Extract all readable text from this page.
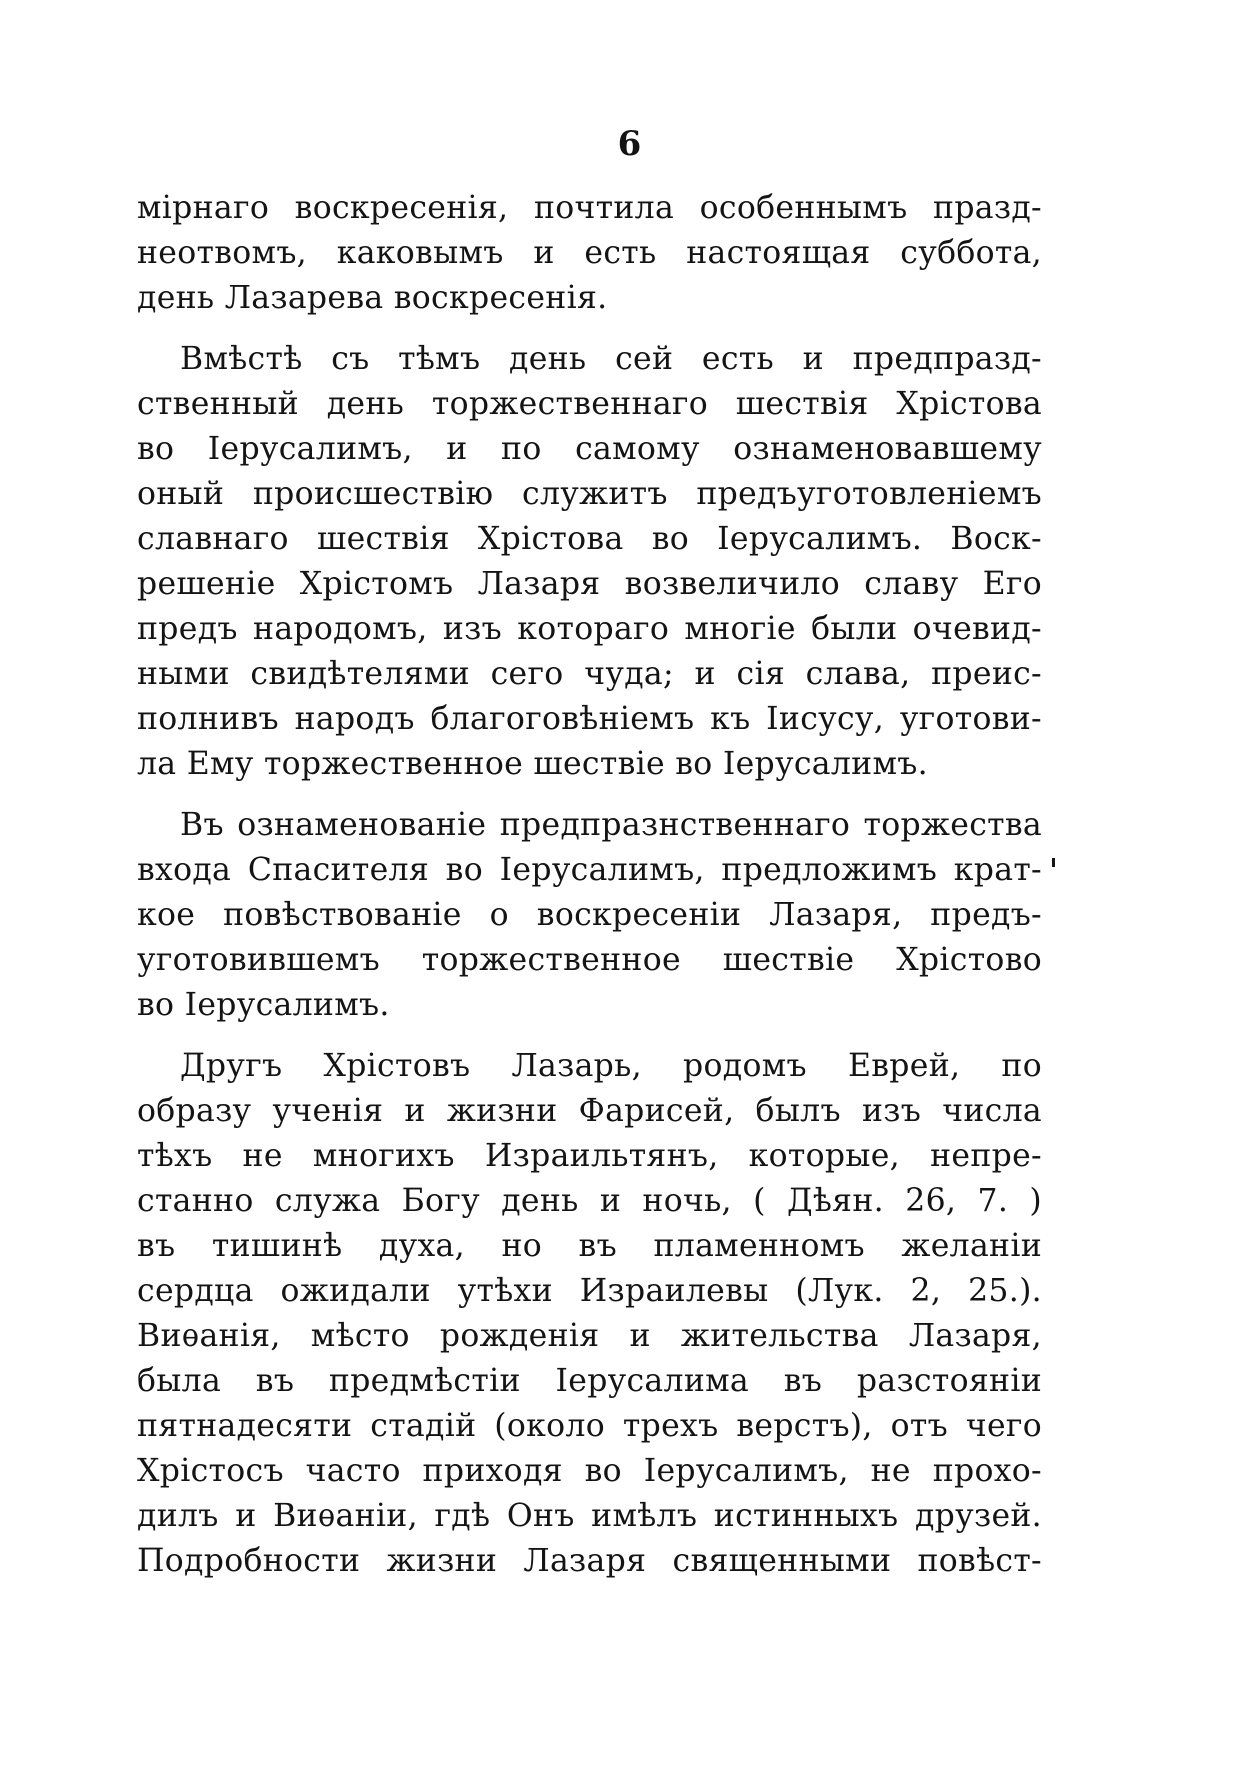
6

мірнаго воскресенія, почтила особеннымъ празд-
неотвомъ, каковымъ и есть настоящая суббота,
день Лазарева воскресенія.

Вмѣстѣ съ тѣмъ день сей есть и предпразд-
ственный день торжественнаго шествія Хрістова
во Іерусалимъ, и по самому ознаменовавшему
оный происшествію служитъ предъуготовленіемъ
славнаго шествія Хрістова во Іерусалимъ. Воск-
решеніе Хрістомъ Лазаря возвеличило славу Его
предъ народомъ, изъ котораго многіе были очевид-
ными свидѣтелями сего чуда; и сія слава, преис-
полнивъ народъ благоговѣніемъ къ Іисусу, уготови-
ла Ему торжественное шествіе во Іерусалимъ.

Въ ознаменованіе предпразнственнаго торжества
входа Спасителя во Іерусалимъ, предложимъ крат-
кое повѣствованіе о воскресеніи Лазаря, предъ-
уготовившемъ торжественное шествіе Хрістово
во Іерусалимъ.

Другъ Хрістовъ Лазарь, родомъ Еврей, по
образу ученія и жизни Фарисей, былъ изъ числа
тѣхъ не многихъ Израильтянъ, которые, непре-
станно служа Богу день и ночь, ( Дѣян. 26, 7. )
въ тишинѣ духа, но въ пламенномъ желаніи
сердца ожидали утѣхи Израилевы (Лук. 2, 25.).
Виѳанія, мѣсто рожденія и жительства Лазаря,
была въ предмѣстіи Іерусалима въ разстояніи
пятнадесяти стадій (около трехъ верстъ), отъ чего
Хрістосъ часто приходя во Іерусалимъ, не прохо-
дилъ и Виѳаніи, гдѣ Онъ имѣлъ истинныхъ друзей.
Подробности жизни Лазаря священными повѣст-
